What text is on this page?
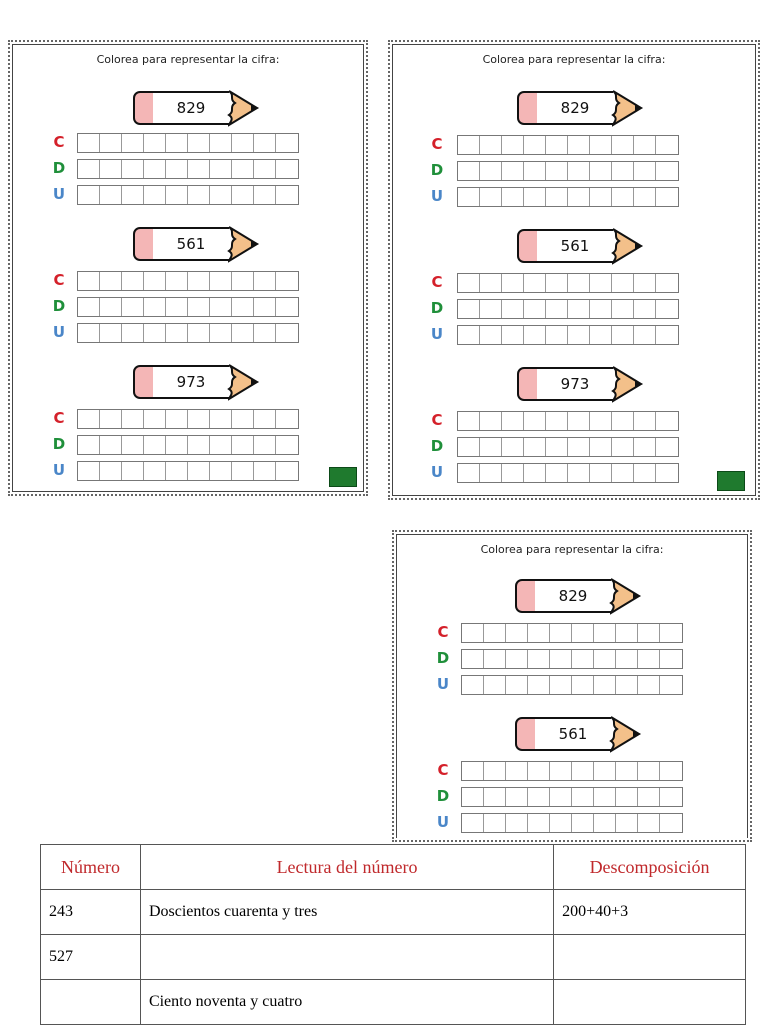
Colorea para representar la cifra:
829
C
D
U
561
C
D
U
973
C
D
U
Colorea para representar la cifra:
829
C
D
U
561
C
D
U
973
C
D
U
Colorea para representar la cifra:
829
C
D
U
561
C
D
U
Número	Lectura del número	Descomposición
243	Doscientos cuarenta y tres	200+40+3
527		
	Ciento noventa y cuatro	
